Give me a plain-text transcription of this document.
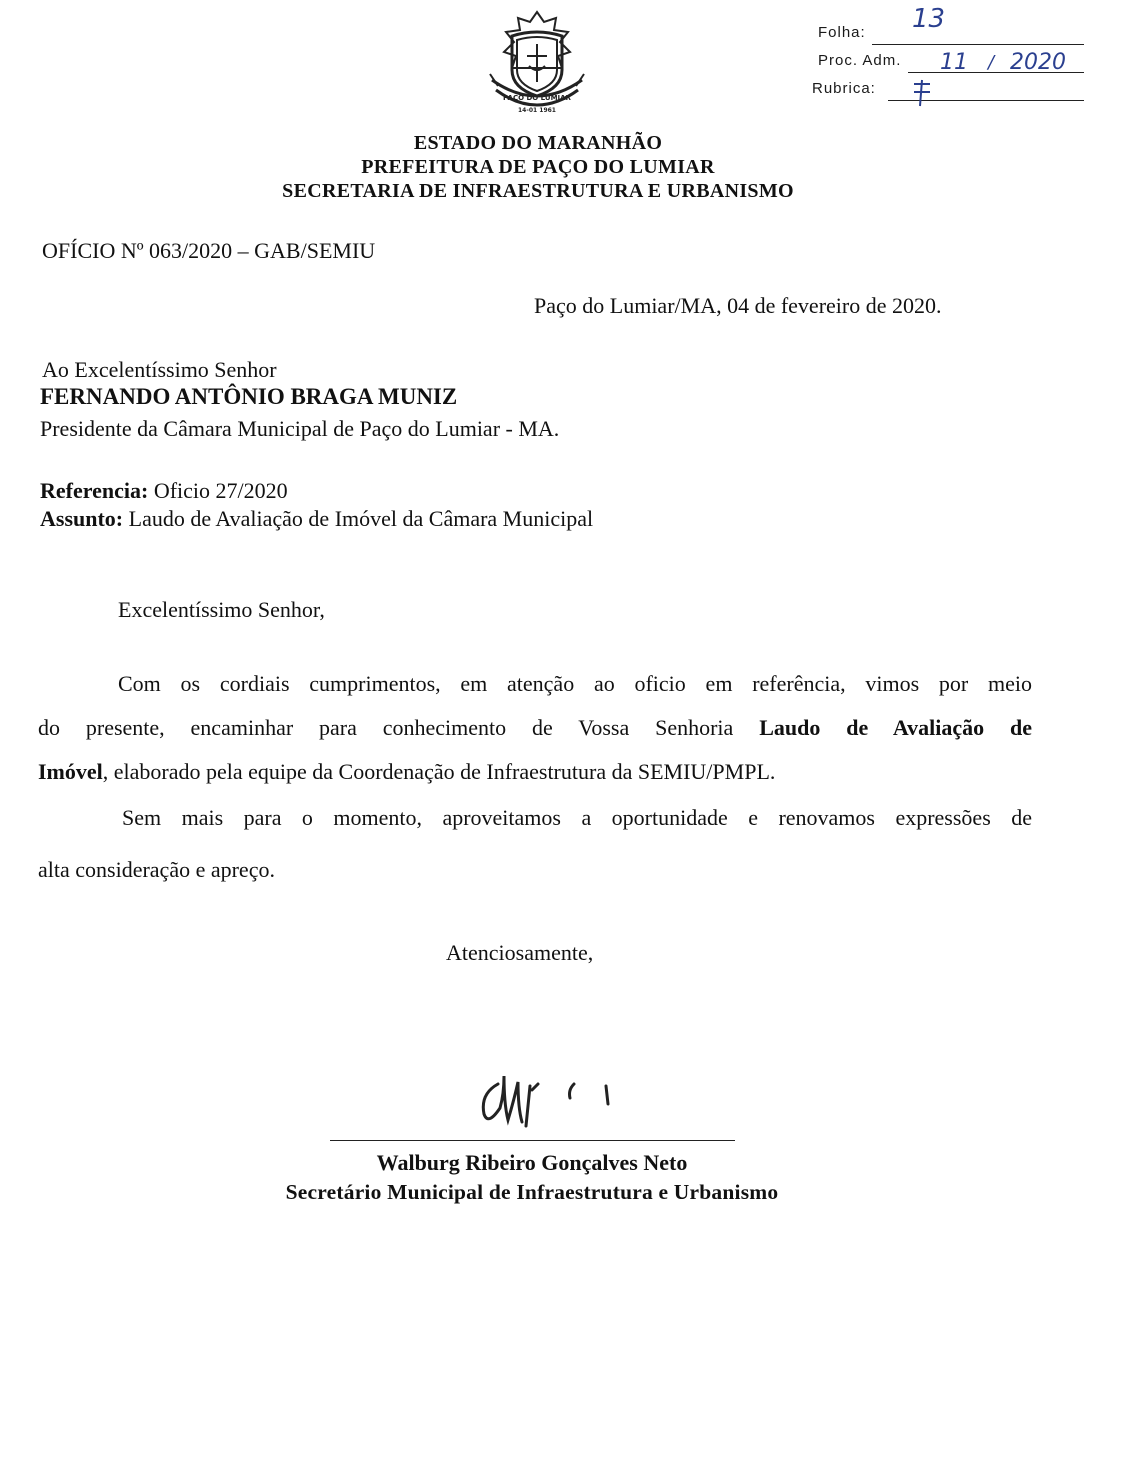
PAÇO DO LUMIAR
14-01 1961
Folha: 13
Proc. Adm. 11 / 2020
Rubrica:
ESTADO DO MARANHÃO
PREFEITURA DE PAÇO DO LUMIAR
SECRETARIA DE INFRAESTRUTURA E URBANISMO
OFÍCIO Nº 063/2020 – GAB/SEMIU
Paço do Lumiar/MA, 04 de fevereiro de 2020.
Ao Excelentíssimo Senhor
FERNANDO ANTÔNIO BRAGA MUNIZ
Presidente da Câmara Municipal de Paço do Lumiar - MA.
Referencia: Oficio 27/2020
Assunto: Laudo de Avaliação de Imóvel da Câmara Municipal
Excelentíssimo Senhor,
Com os cordiais cumprimentos, em atenção ao oficio em referência, vimos por meio
do presente, encaminhar para conhecimento de Vossa Senhoria Laudo de Avaliação de
Imóvel, elaborado pela equipe da Coordenação de Infraestrutura da SEMIU/PMPL.
Sem mais para o momento, aproveitamos a oportunidade e renovamos expressões de
alta consideração e apreço.
Atenciosamente,
Walburg Ribeiro Gonçalves Neto
Secretário Municipal de Infraestrutura e Urbanismo
